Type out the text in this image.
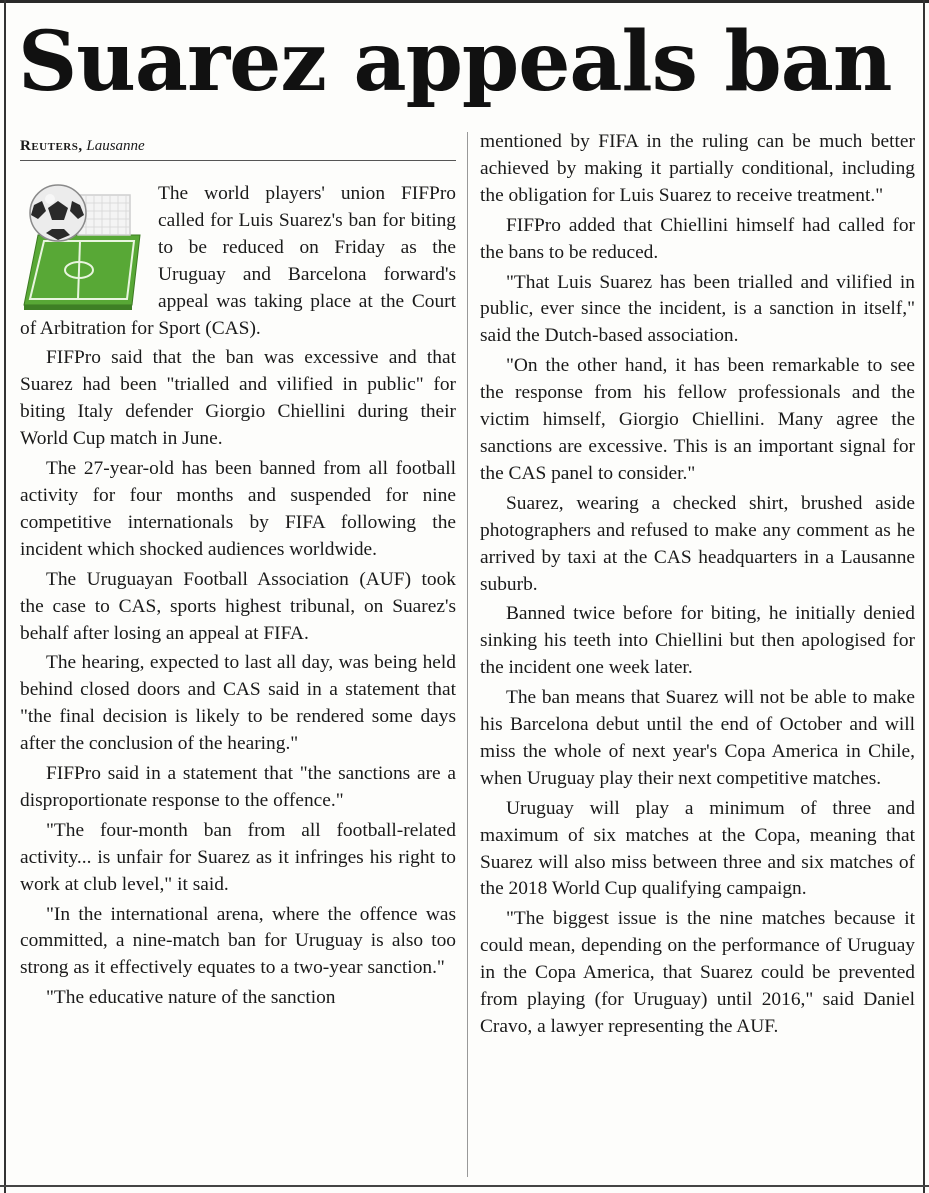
Suarez appeals ban
Reuters, Lausanne

The world players' union FIFPro called for Luis Suarez's ban for biting to be reduced on Friday as the Uruguay and Barcelona forward's appeal was taking place at the Court of Arbitration for Sport (CAS).

FIFPro said that the ban was excessive and that Suarez had been "trialled and vilified in public" for biting Italy defender Giorgio Chiellini during their World Cup match in June.

The 27-year-old has been banned from all football activity for four months and suspended for nine competitive internationals by FIFA following the incident which shocked audiences worldwide.

The Uruguayan Football Association (AUF) took the case to CAS, sports highest tribunal, on Suarez's behalf after losing an appeal at FIFA.

The hearing, expected to last all day, was being held behind closed doors and CAS said in a statement that "the final decision is likely to be rendered some days after the conclusion of the hearing."

FIFPro said in a statement that "the sanctions are a disproportionate response to the offence."

"The four-month ban from all football-related activity... is unfair for Suarez as it infringes his right to work at club level," it said.

"In the international arena, where the offence was committed, a nine-match ban for Uruguay is also too strong as it effectively equates to a two-year sanction."

"The educative nature of the sanction

mentioned by FIFA in the ruling can be much better achieved by making it partially conditional, including the obligation for Luis Suarez to receive treatment."

FIFPro added that Chiellini himself had called for the bans to be reduced.

"That Luis Suarez has been trialled and vilified in public, ever since the incident, is a sanction in itself," said the Dutch-based association.

"On the other hand, it has been remarkable to see the response from his fellow professionals and the victim himself, Giorgio Chiellini. Many agree the sanctions are excessive. This is an important signal for the CAS panel to consider."

Suarez, wearing a checked shirt, brushed aside photographers and refused to make any comment as he arrived by taxi at the CAS headquarters in a Lausanne suburb.

Banned twice before for biting, he initially denied sinking his teeth into Chiellini but then apologised for the incident one week later.

The ban means that Suarez will not be able to make his Barcelona debut until the end of October and will miss the whole of next year's Copa America in Chile, when Uruguay play their next competitive matches.

Uruguay will play a minimum of three and maximum of six matches at the Copa, meaning that Suarez will also miss between three and six matches of the 2018 World Cup qualifying campaign.

"The biggest issue is the nine matches because it could mean, depending on the performance of Uruguay in the Copa America, that Suarez could be prevented from playing (for Uruguay) until 2016," said Daniel Cravo, a lawyer representing the AUF.
